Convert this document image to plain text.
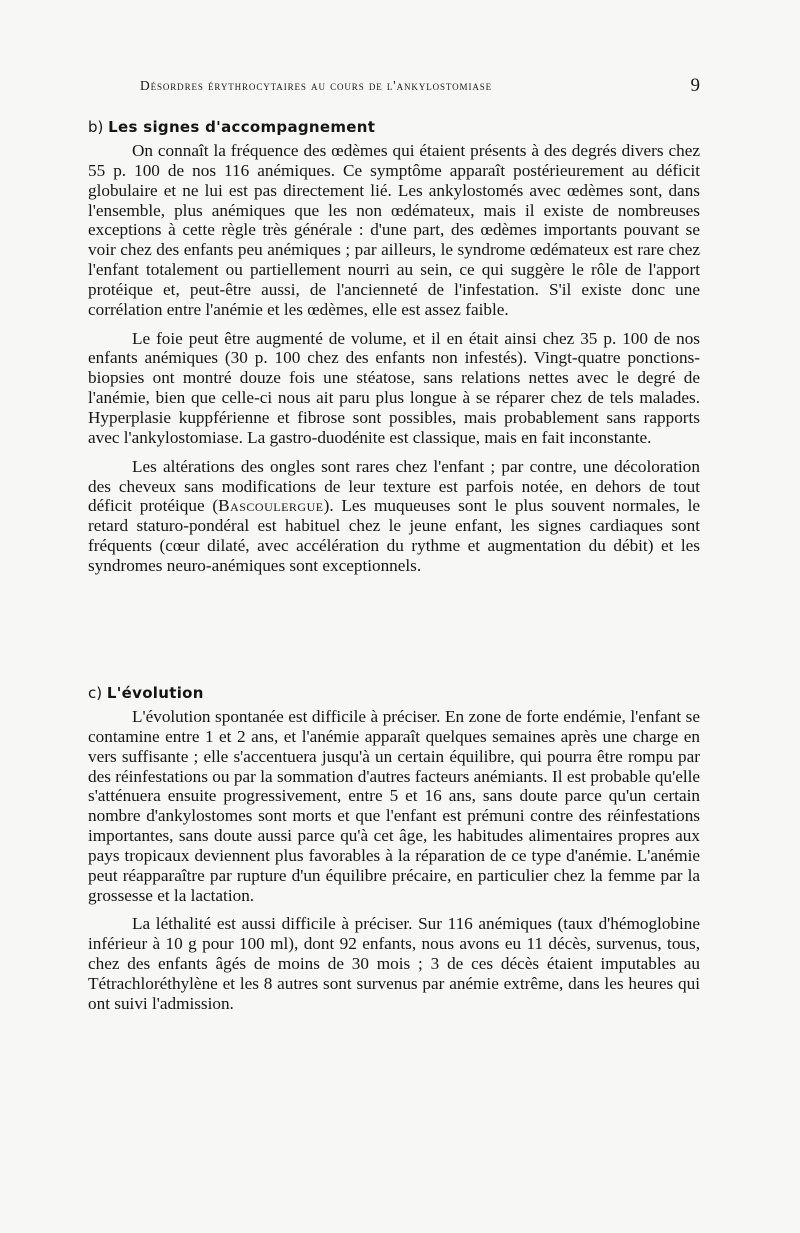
Désordres érythrocytaires au cours de l'ankylostomiase	9
b) Les signes d'accompagnement

On connaît la fréquence des œdèmes qui étaient présents à des degrés divers chez 55 p. 100 de nos 116 anémiques. Ce symptôme apparaît postérieurement au déficit globulaire et ne lui est pas directement lié. Les ankylostomés avec œdèmes sont, dans l'ensemble, plus anémiques que les non œdémateux, mais il existe de nombreuses exceptions à cette règle très générale : d'une part, des œdèmes importants pouvant se voir chez des enfants peu anémiques ; par ailleurs, le syndrome œdémateux est rare chez l'enfant totalement ou partiellement nourri au sein, ce qui suggère le rôle de l'apport protéique et, peut-être aussi, de l'ancienneté de l'infestation. S'il existe donc une corrélation entre l'anémie et les œdèmes, elle est assez faible.

Le foie peut être augmenté de volume, et il en était ainsi chez 35 p. 100 de nos enfants anémiques (30 p. 100 chez des enfants non infestés). Vingt-quatre ponctions-biopsies ont montré douze fois une stéatose, sans relations nettes avec le degré de l'anémie, bien que celle-ci nous ait paru plus longue à se réparer chez de tels malades. Hyperplasie kuppférienne et fibrose sont possibles, mais probablement sans rapports avec l'ankylostomiase. La gastro-duodénite est classique, mais en fait inconstante.

Les altérations des ongles sont rares chez l'enfant ; par contre, une décoloration des cheveux sans modifications de leur texture est parfois notée, en dehors de tout déficit protéique (Bascoulergue). Les muqueuses sont le plus souvent normales, le retard staturo-pondéral est habituel chez le jeune enfant, les signes cardiaques sont fréquents (cœur dilaté, avec accélération du rythme et augmentation du débit) et les syndromes neuro-anémiques sont exceptionnels.

c) L'évolution

L'évolution spontanée est difficile à préciser. En zone de forte endémie, l'enfant se contamine entre 1 et 2 ans, et l'anémie apparaît quelques semaines après une charge en vers suffisante ; elle s'accentuera jusqu'à un certain équilibre, qui pourra être rompu par des réinfestations ou par la sommation d'autres facteurs anémiants. Il est probable qu'elle s'atténuera ensuite progressivement, entre 5 et 16 ans, sans doute parce qu'un certain nombre d'ankylostomes sont morts et que l'enfant est prémuni contre des réinfestations importantes, sans doute aussi parce qu'à cet âge, les habitudes alimentaires propres aux pays tropicaux deviennent plus favorables à la réparation de ce type d'anémie. L'anémie peut réapparaître par rupture d'un équilibre précaire, en particulier chez la femme par la grossesse et la lactation.

La léthalité est aussi difficile à préciser. Sur 116 anémiques (taux d'hémoglobine inférieur à 10 g pour 100 ml), dont 92 enfants, nous avons eu 11 décès, survenus, tous, chez des enfants âgés de moins de 30 mois ; 3 de ces décès étaient imputables au Tétrachloréthylène et les 8 autres sont survenus par anémie extrême, dans les heures qui ont suivi l'admission.
